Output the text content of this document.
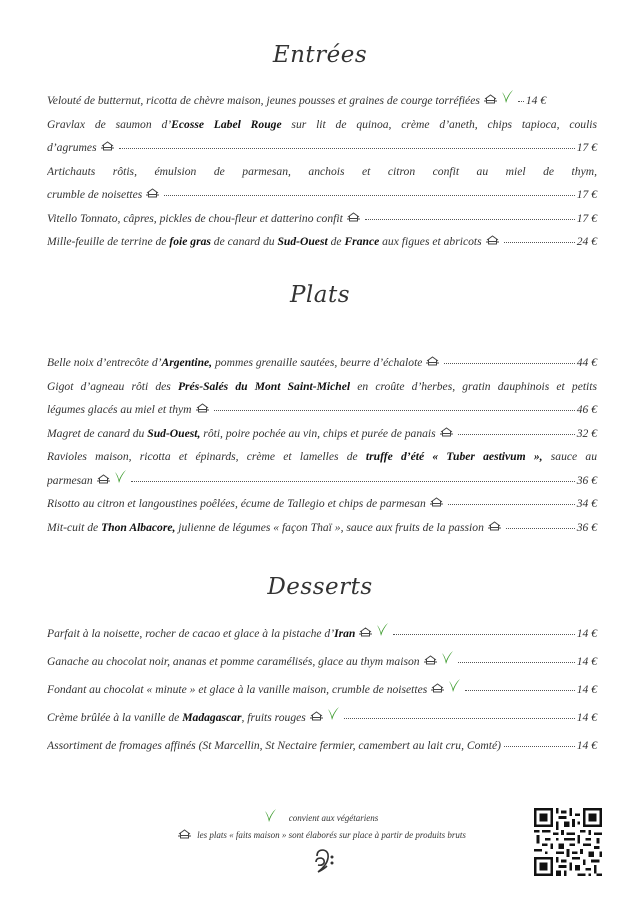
Entrées
Velouté de butternut, ricotta de chèvre maison, jeunes pousses et graines de courge torréfiées	14 €
Gravlax de saumon d’Ecosse Label Rouge sur lit de quinoa, crème d’aneth, chips tapioca, coulis
d’agrumes	17 €
Artichauts rôtis, émulsion de parmesan, anchois et citron confit au miel de thym,
crumble de noisettes	17 €
Vitello Tonnato, câpres, pickles de chou-fleur et datterino confit	17 €
Mille-feuille de terrine de foie gras de canard du Sud-Ouest de France aux figues et abricots	24 €
Plats
Belle noix d’entrecôte d’Argentine, pommes grenaille sautées, beurre d’échalote	44 €
Gigot d’agneau rôti des Prés-Salés du Mont Saint-Michel en croûte d’herbes, gratin dauphinois et petits
légumes glacés au miel et thym	46 €
Magret de canard du Sud-Ouest, rôti, poire pochée au vin, chips et purée de panais	32 €
Ravioles maison, ricotta et épinards, crème et lamelles de truffe d’été « Tuber aestivum », sauce au
parmesan	36 €
Risotto au citron et langoustines poêlées, écume de Tallegio et chips de parmesan	34 €
Mit-cuit de Thon Albacore, julienne de légumes « façon Thaï », sauce aux fruits de la passion	36 €
Desserts
Parfait à la noisette, rocher de cacao et glace à la pistache d’Iran	14 €
Ganache au chocolat noir, ananas et pomme caramélisés, glace au thym maison	14 €
Fondant au chocolat « minute » et glace à la vanille maison, crumble de noisettes	14 €
Crème brûlée à la vanille de Madagascar, fruits rouges	14 €
Assortiment de fromages affinés (St Marcellin, St Nectaire fermier, camembert au lait cru, Comté)	14 €
convient aux végétariens
les plats « faits maison » sont élaborés sur place à partir de produits bruts
